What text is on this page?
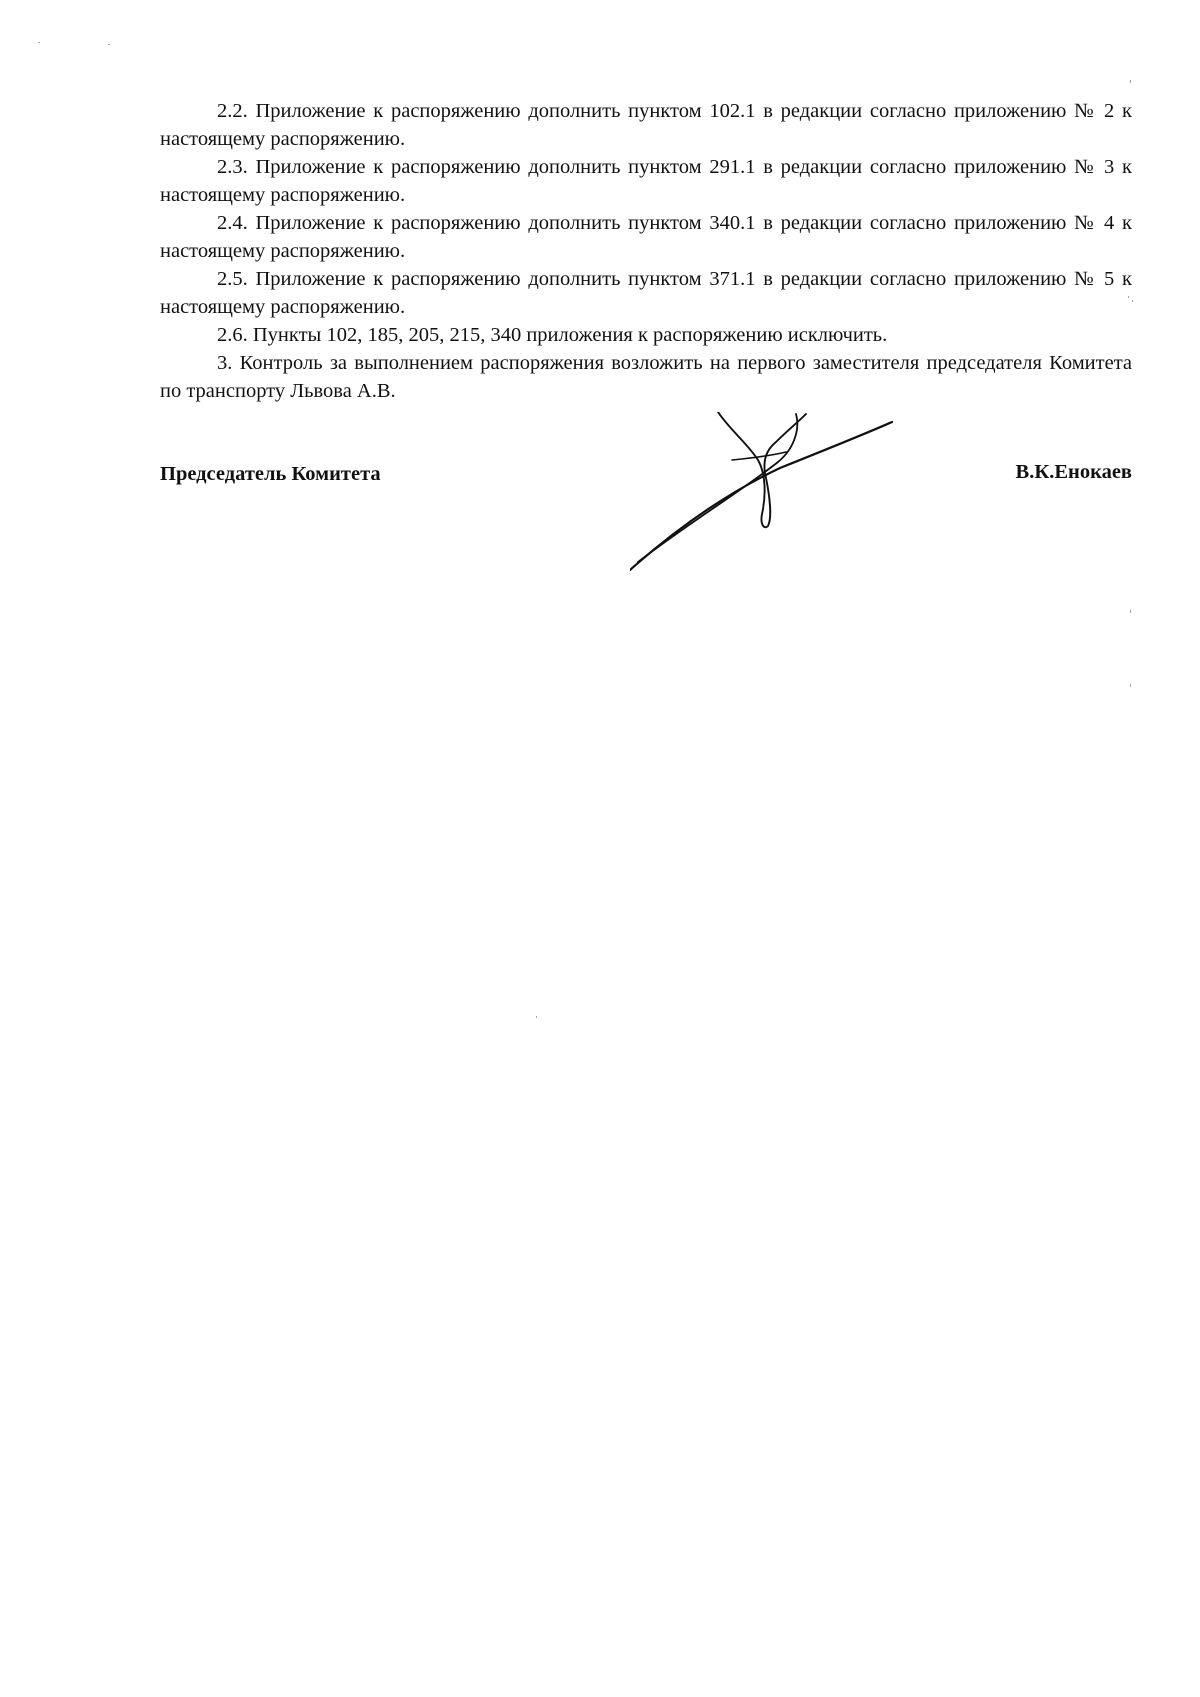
2.2. Приложение к распоряжению дополнить пунктом 102.1 в редакции согласно приложению № 2 к настоящему распоряжению.

2.3. Приложение к распоряжению дополнить пунктом 291.1 в редакции согласно приложению № 3 к настоящему распоряжению.

2.4. Приложение к распоряжению дополнить пунктом 340.1 в редакции согласно приложению № 4 к настоящему распоряжению.

2.5. Приложение к распоряжению дополнить пунктом 371.1 в редакции согласно приложению № 5 к настоящему распоряжению.

2.6. Пункты 102, 185, 205, 215, 340 приложения к распоряжению исключить.

3. Контроль за выполнением распоряжения возложить на первого заместителя председателя Комитета по транспорту Львова А.В.

Председатель Комитета	В.К.Енокаев
